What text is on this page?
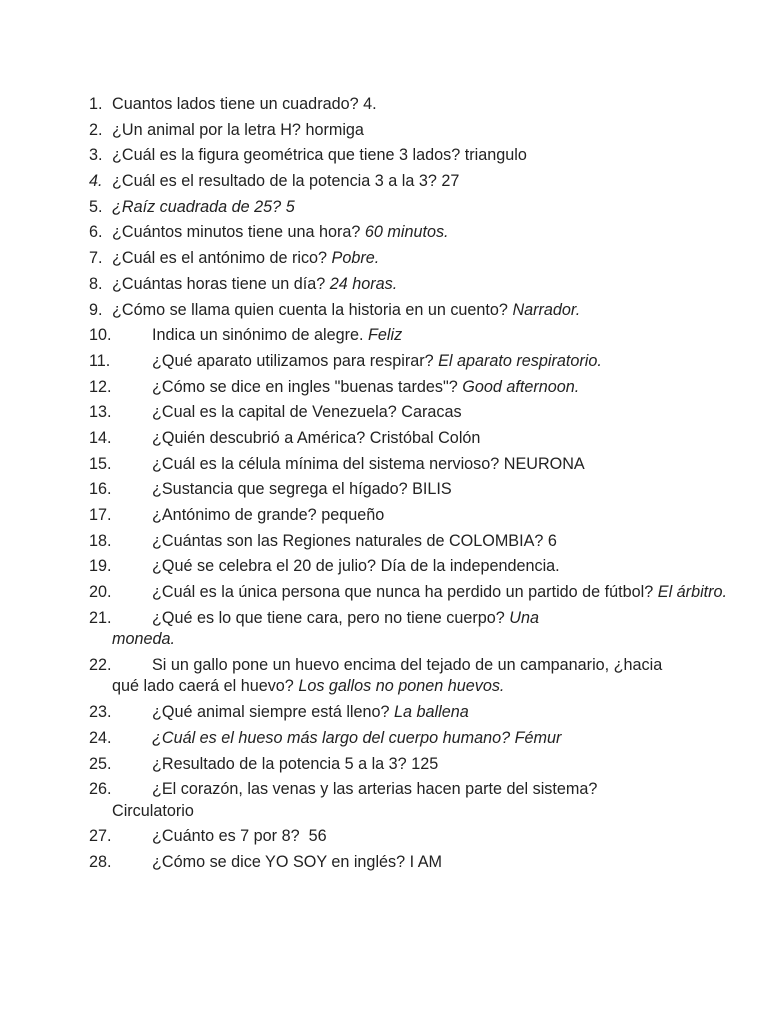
1. Cuantos lados tiene un cuadrado? 4.
2. ¿Un animal por la letra H? hormiga
3. ¿Cuál es la figura geométrica que tiene 3 lados? triangulo
4. ¿Cuál es el resultado de la potencia 3 a la 3? 27
5. ¿Raíz cuadrada de 25? 5
6. ¿Cuántos minutos tiene una hora? 60 minutos.
7. ¿Cuál es el antónimo de rico? Pobre.
8. ¿Cuántas horas tiene un día? 24 horas.
9. ¿Cómo se llama quien cuenta la historia en un cuento? Narrador.
10. Indica un sinónimo de alegre. Feliz
11.	¿Qué aparato utilizamos para respirar? El aparato respiratorio.
12. ¿Cómo se dice en ingles "buenas tardes"? Good afternoon.
13. ¿Cual es la capital de Venezuela? Caracas
14. ¿Quién descubrió a América? Cristóbal Colón
15. ¿Cuál es la célula mínima del sistema nervioso? NEURONA
16. ¿Sustancia que segrega el hígado? BILIS
17. ¿Antónimo de grande? pequeño
18. ¿Cuántas son las Regiones naturales de COLOMBIA? 6
19. ¿Qué se celebra el 20 de julio? Día de la independencia.
20.	¿Cuál es la única persona que nunca ha perdido un partido de fútbol? El árbitro.
21.	¿Qué es lo que tiene cara, pero no tiene cuerpo? Una moneda.
22.	Si un gallo pone un huevo encima del tejado de un campanario, ¿hacia qué lado caerá el huevo? Los gallos no ponen huevos.
23. ¿Qué animal siempre está lleno? La ballena
24. ¿Cuál es el hueso más largo del cuerpo humano? Fémur
25. ¿Resultado de la potencia 5 a la 3? 125
26.	¿El corazón, las venas y las arterias hacen parte del sistema? Circulatorio
27. ¿Cuánto es 7 por 8?  56
28. ¿Cómo se dice YO SOY en inglés? I AM
